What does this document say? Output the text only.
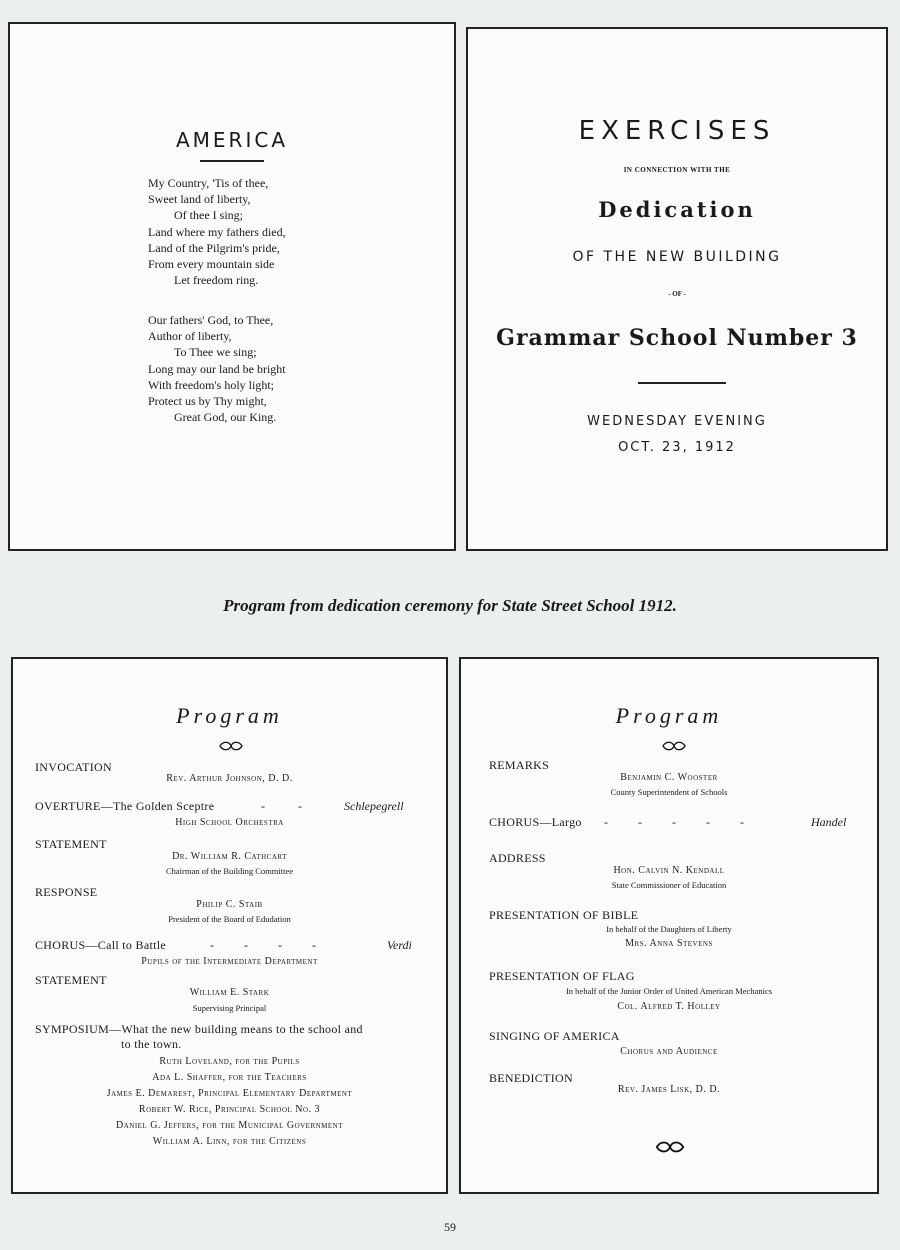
AMERICA
My Country, 'Tis of thee,
Sweet land of liberty,
Of thee I sing;
Land where my fathers died,
Land of the Pilgrim's pride,
From every mountain side
Let freedom ring.
Our fathers' God, to Thee,
Author of liberty,
To Thee we sing;
Long may our land be bright
With freedom's holy light;
Protect us by Thy might,
Great God, our King.
EXERCISES
IN CONNECTION WITH THE
Dedication
OF THE NEW BUILDING
- OF -
Grammar School Number 3
WEDNESDAY EVENING
OCT. 23, 1912
Program from dedication ceremony for State Street School 1912.
Program
INVOCATION
Rev. Arthur Johnson, D. D.
OVERTURE—The Golden Sceptre	-           -	Schlepegrell
High School Orchestra
STATEMENT
Dr. William R. Cathcart
Chairman of the Building Committee
RESPONSE
Philip C. Staib
President of the Board of Edudation
CHORUS—Call to Battle	-          -          -          -	Verdi
Pupils of the Intermediate Department
STATEMENT
William E. Stark
Supervising Principal
SYMPOSIUM—What the new building means to the school and
to the town.
Ruth Loveland, for the Pupils
Ada L. Shaffer, for the Teachers
James E. Demarest, Principal Elementary Department
Robert W. Rice, Principal School No. 3
Daniel G. Jeffers, for the Municipal Government
William A. Linn, for the Citizens
Program
REMARKS
Benjamin C. Wooster
County Superintendent of Schools
CHORUS—Largo -          -          -          -          -	Handel
ADDRESS
Hon. Calvin N. Kendall
State Commissioner of Education
PRESENTATION OF BIBLE
In behalf of the Daughters of Liberty
Mrs. Anna Stevens
PRESENTATION OF FLAG
In behalf of the Junior Order of United American Mechanics
Col. Alfred T. Holley
SINGING OF AMERICA
Chorus and Audience
BENEDICTION
Rev. James Lisk, D. D.
59
